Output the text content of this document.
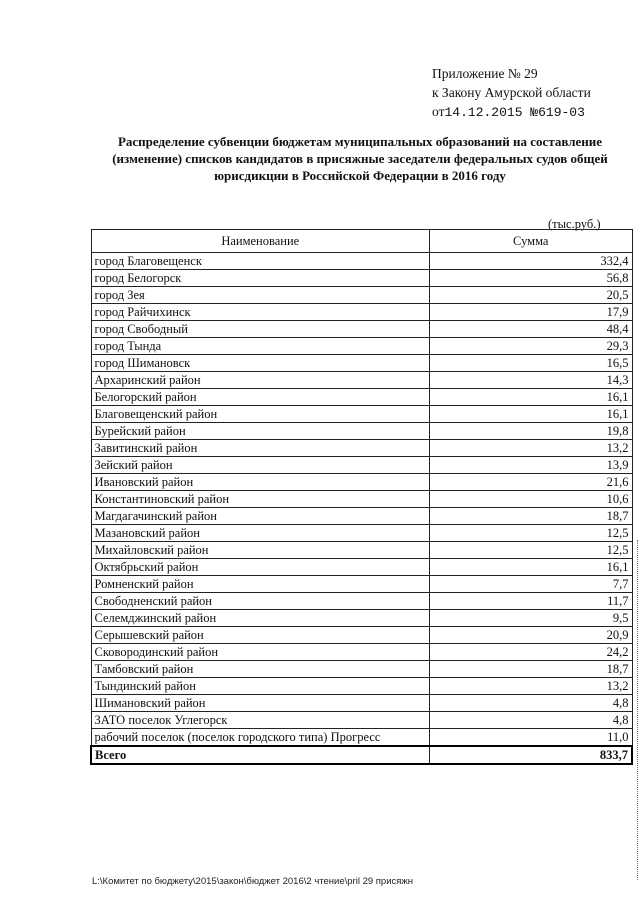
Приложение № 29
к Закону Амурской области
от14.12.2015 №619-03
Распределение субвенции бюджетам муниципальных образований на составление (изменение) списков кандидатов в присяжные заседатели федеральных судов общей юрисдикции в Российской Федерации в 2016 году
(тыс.руб.)
Наименование	Сумма
город Благовещенск	332,4
город Белогорск	56,8
город Зея	20,5
город Райчихинск	17,9
город Свободный	48,4
город Тында	29,3
город Шимановск	16,5
Архаринский район	14,3
Белогорский район	16,1
Благовещенский район	16,1
Бурейский район	19,8
Завитинский район	13,2
Зейский район	13,9
Ивановский район	21,6
Константиновский район	10,6
Магдагачинский район	18,7
Мазановский район	12,5
Михайловский район	12,5
Октябрьский район	16,1
Ромненский район	7,7
Свободненский район	11,7
Селемджинский район	9,5
Серышевский район	20,9
Сковородинский район	24,2
Тамбовский район	18,7
Тындинский район	13,2
Шимановский район	4,8
ЗАТО поселок Углегорск	4,8
рабочий поселок (поселок городского типа) Прогресс	11,0
Всего	833,7
L:\Комитет по бюджету\2015\закон\бюджет 2016\2 чтение\pril 29 присяжн
